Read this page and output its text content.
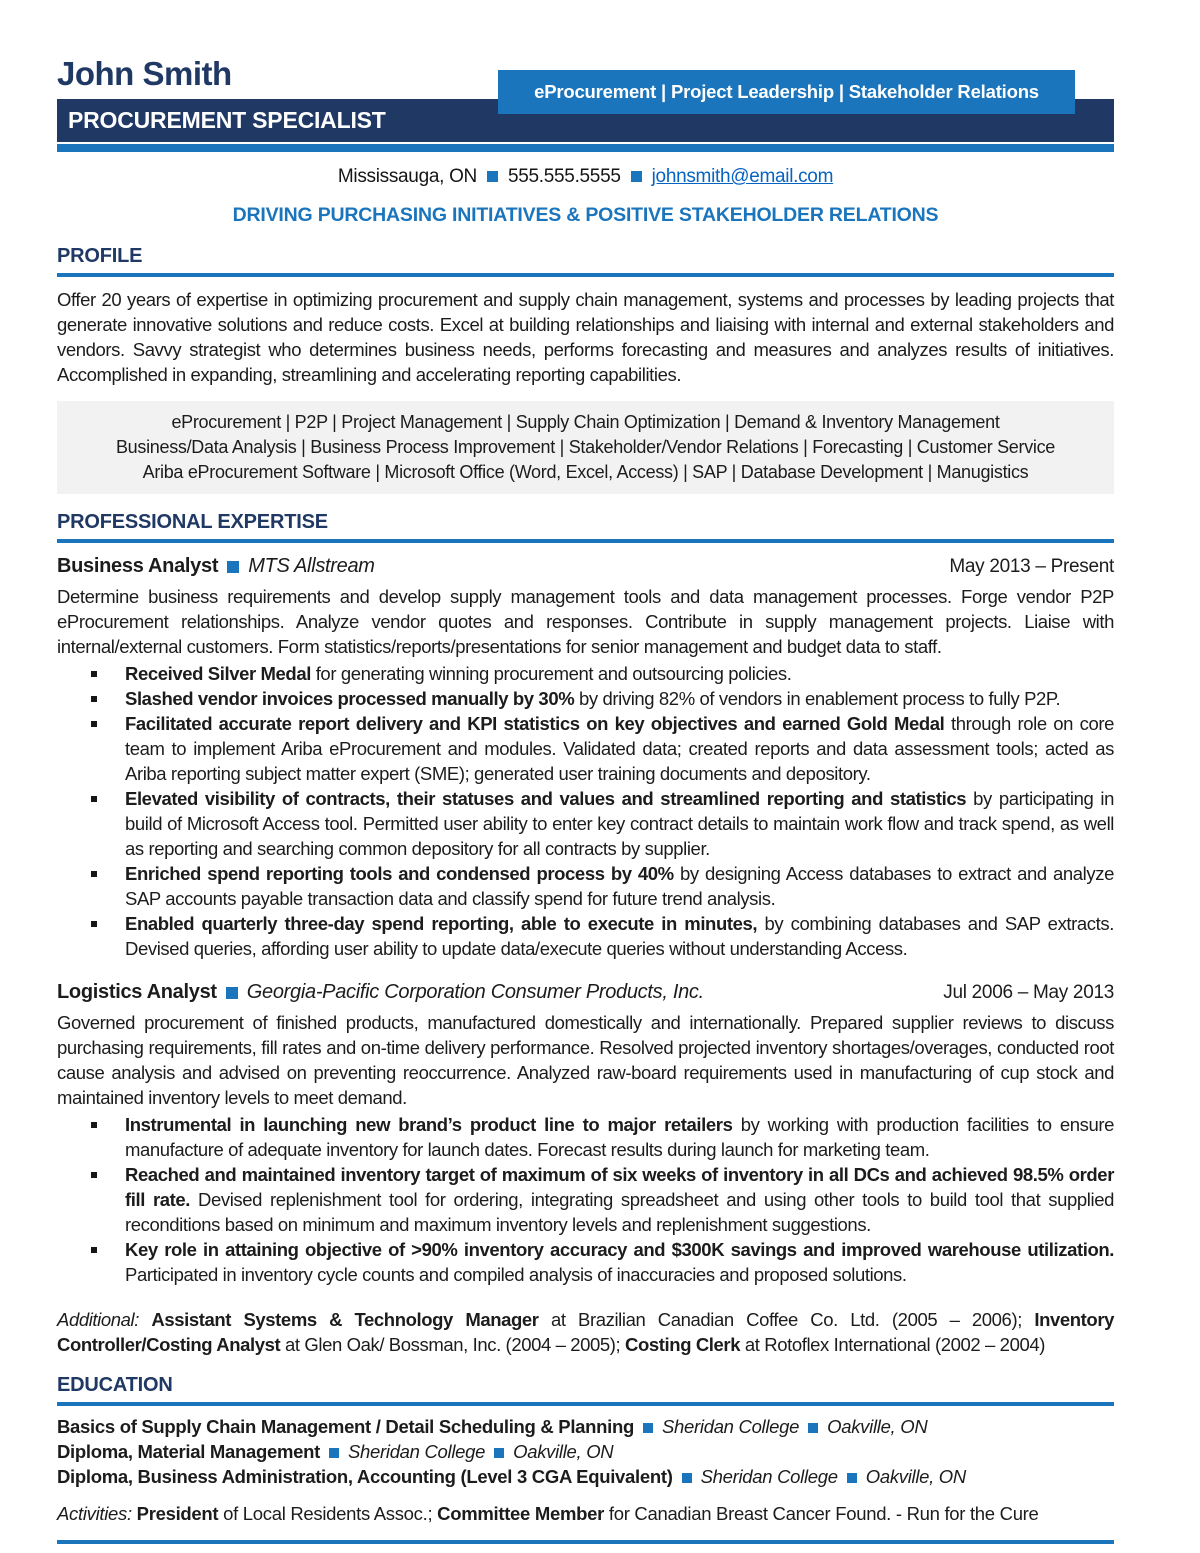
John Smith	eProcurement | Project Leadership | Stakeholder Relations
PROCUREMENT SPECIALIST
Mississauga, ON 555.555.5555 johnsmith@email.com
DRIVING PURCHASING INITIATIVES & POSITIVE STAKEHOLDER RELATIONS
PROFILE

Offer 20 years of expertise in optimizing procurement and supply chain management, systems and processes by leading projects that generate innovative solutions and reduce costs. Excel at building relationships and liaising with internal and external stakeholders and vendors. Savvy strategist who determines business needs, performs forecasting and measures and analyzes results of initiatives. Accomplished in expanding, streamlining and accelerating reporting capabilities.

eProcurement | P2P | Project Management | Supply Chain Optimization | Demand & Inventory Management
Business/Data Analysis | Business Process Improvement | Stakeholder/Vendor Relations | Forecasting | Customer Service
Ariba eProcurement Software | Microsoft Office (Word, Excel, Access) | SAP | Database Development | Manugistics
PROFESSIONAL EXPERTISE
Business Analyst MTS Allstream	May 2013 – Present

Determine business requirements and develop supply management tools and data management processes. Forge vendor P2P eProcurement relationships. Analyze vendor quotes and responses. Contribute in supply management projects. Liaise with internal/external customers. Form statistics/reports/presentations for senior management and budget data to staff.

Received Silver Medal for generating winning procurement and outsourcing policies.
Slashed vendor invoices processed manually by 30% by driving 82% of vendors in enablement process to fully P2P.
Facilitated accurate report delivery and KPI statistics on key objectives and earned Gold Medal through role on core team to implement Ariba eProcurement and modules. Validated data; created reports and data assessment tools; acted as Ariba reporting subject matter expert (SME); generated user training documents and depository.
Elevated visibility of contracts, their statuses and values and streamlined reporting and statistics by participating in build of Microsoft Access tool. Permitted user ability to enter key contract details to maintain work flow and track spend, as well as reporting and searching common depository for all contracts by supplier.
Enriched spend reporting tools and condensed process by 40% by designing Access databases to extract and analyze SAP accounts payable transaction data and classify spend for future trend analysis.
Enabled quarterly three-day spend reporting, able to execute in minutes, by combining databases and SAP extracts. Devised queries, affording user ability to update data/execute queries without understanding Access.
Logistics Analyst Georgia-Pacific Corporation Consumer Products, Inc.	Jul 2006 – May 2013

Governed procurement of finished products, manufactured domestically and internationally. Prepared supplier reviews to discuss purchasing requirements, fill rates and on-time delivery performance. Resolved projected inventory shortages/overages, conducted root cause analysis and advised on preventing reoccurrence. Analyzed raw-board requirements used in manufacturing of cup stock and maintained inventory levels to meet demand.

Instrumental in launching new brand’s product line to major retailers by working with production facilities to ensure manufacture of adequate inventory for launch dates. Forecast results during launch for marketing team.
Reached and maintained inventory target of maximum of six weeks of inventory in all DCs and achieved 98.5% order fill rate. Devised replenishment tool for ordering, integrating spreadsheet and using other tools to build tool that supplied reconditions based on minimum and maximum inventory levels and replenishment suggestions.
Key role in attaining objective of >90% inventory accuracy and $300K savings and improved warehouse utilization. Participated in inventory cycle counts and compiled analysis of inaccuracies and proposed solutions.

Additional: Assistant Systems & Technology Manager at Brazilian Canadian Coffee Co. Ltd. (2005 – 2006); Inventory Controller/Costing Analyst at Glen Oak/ Bossman, Inc. (2004 – 2005); Costing Clerk at Rotoflex International (2002 – 2004)

EDUCATION
Basics of Supply Chain Management / Detail Scheduling & Planning Sheridan College Oakville, ON
Diploma, Material Management Sheridan College Oakville, ON
Diploma, Business Administration, Accounting (Level 3 CGA Equivalent) Sheridan College Oakville, ON

Activities: President of Local Residents Assoc.; Committee Member for Canadian Breast Cancer Found. - Run for the Cure
